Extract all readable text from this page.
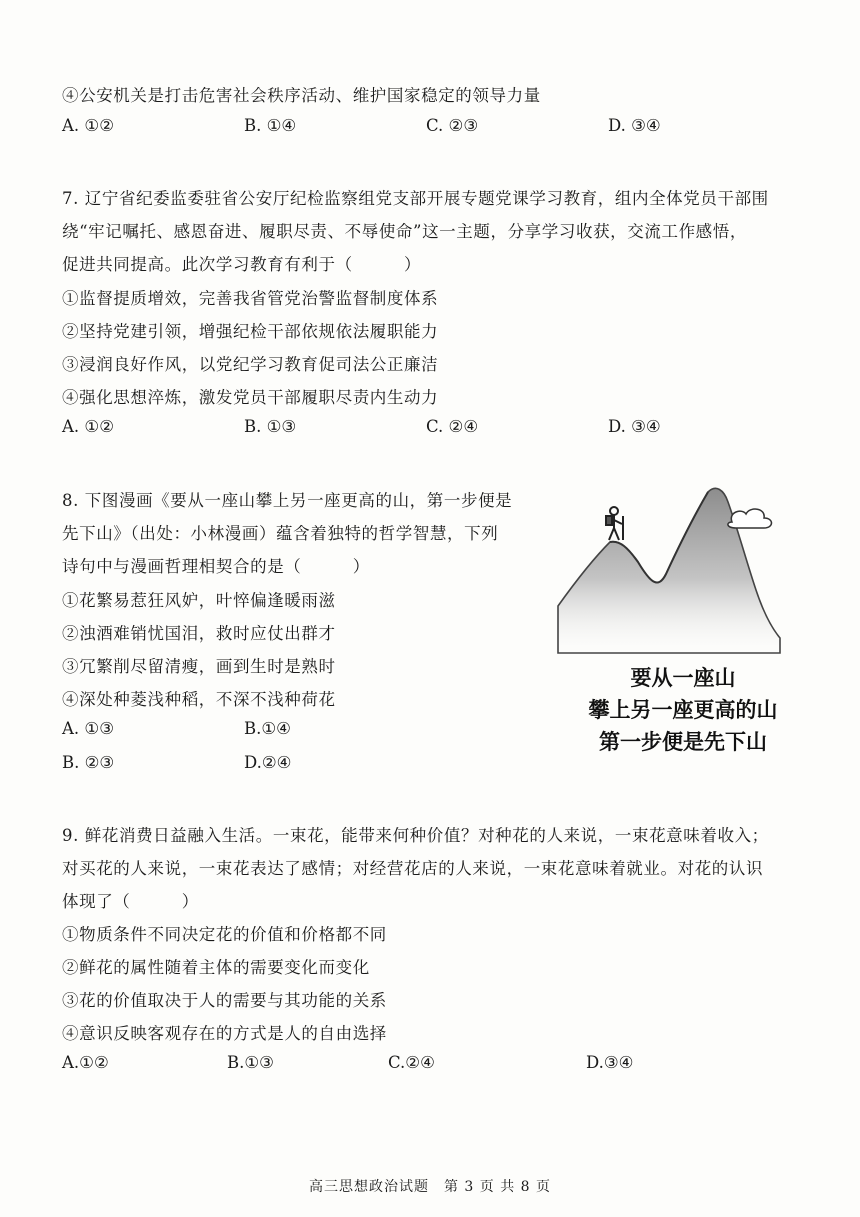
④公安机关是打击危害社会秩序活动、维护国家稳定的领导力量
A. ①②	B. ①④	C. ②③	D. ③④
7. 辽宁省纪委监委驻省公安厅纪检监察组党支部开展专题党课学习教育，组内全体党员干部围
绕“牢记嘱托、感恩奋进、履职尽责、不辱使命”这一主题，分享学习收获，交流工作感悟，
促进共同提高。此次学习教育有利于（　　　）
①监督提质增效，完善我省管党治警监督制度体系
②坚持党建引领，增强纪检干部依规依法履职能力
③浸润良好作风，以党纪学习教育促司法公正廉洁
④强化思想淬炼，激发党员干部履职尽责内生动力
A. ①②	B. ①③	C. ②④	D. ③④
8. 下图漫画《要从一座山攀上另一座更高的山，第一步便是
先下山》（出处：小林漫画）蕴含着独特的哲学智慧，下列
诗句中与漫画哲理相契合的是（　　　）
①花繁易惹狂风妒，叶悴偏逢暖雨滋
②浊酒难销忧国泪，救时应仗出群才
③冗繁削尽留清瘦，画到生时是熟时
④深处种菱浅种稻，不深不浅种荷花
A. ①③	B.①④
B. ②③	D.②④
要从一座山
攀上另一座更高的山
第一步便是先下山
9. 鲜花消费日益融入生活。一束花，能带来何种价值？对种花的人来说，一束花意味着收入；
对买花的人来说，一束花表达了感情；对经营花店的人来说，一束花意味着就业。对花的认识
体现了（　　　）
①物质条件不同决定花的价值和价格都不同
②鲜花的属性随着主体的需要变化而变化
③花的价值取决于人的需要与其功能的关系
④意识反映客观存在的方式是人的自由选择
A.①②	B.①③	C.②④	D.③④
高三思想政治试题　第 3 页 共 8 页
